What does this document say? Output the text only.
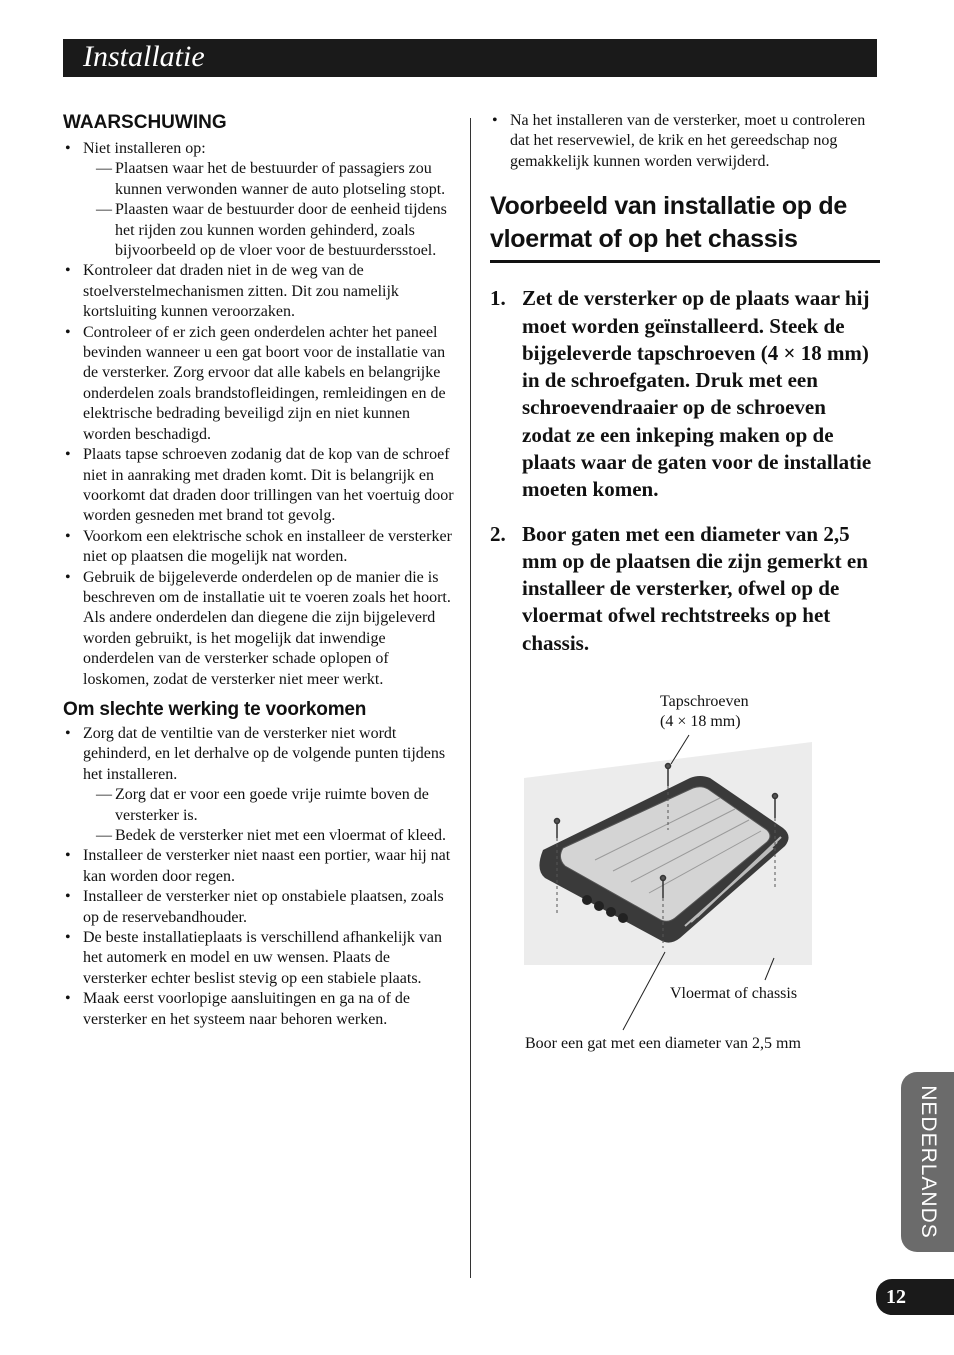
Installatie
WAARSCHUWING
• Niet installeren op:
— Plaatsen waar het de bestuurder of passagiers zou kunnen verwonden wanner de auto plotseling stopt.
— Plaasten waar de bestuurder door de eenheid tijdens het rijden zou kunnen worden gehinderd, zoals bijvoorbeeld op de vloer voor de bestuurdersstoel.
• Kontroleer dat draden niet in de weg van de stoelverstelmechanismen zitten. Dit zou namelijk kortsluiting kunnen veroorzaken.
• Controleer of er zich geen onderdelen achter het paneel bevinden wanneer u een gat boort voor de installatie van de versterker. Zorg ervoor dat alle kabels en belangrijke onderdelen zoals brandstofleidingen, remleidingen en de elektrische bedrading beveiligd zijn en niet kunnen worden beschadigd.
• Plaats tapse schroeven zodanig dat de kop van de schroef niet in aanraking met draden komt. Dit is belangrijk en voorkomt dat draden door trillingen van het voertuig door worden gesneden met brand tot gevolg.
• Voorkom een elektrische schok en installeer de versterker niet op plaatsen die mogelijk nat worden.
• Gebruik de bijgeleverde onderdelen op de manier die is beschreven om de installatie uit te voeren zoals het hoort. Als andere onderdelen dan diegene die zijn bijgeleverd worden gebruikt, is het mogelijk dat inwendige onderdelen van de versterker schade oplopen of loskomen, zodat de versterker niet meer werkt.
Om slechte werking te voorkomen
• Zorg dat de ventiltie van de versterker niet wordt gehinderd, en let derhalve op de volgende punten tijdens het installeren.
— Zorg dat er voor een goede vrije ruimte boven de versterker is.
— Bedek de versterker niet met een vloermat of kleed.
• Installeer de versterker niet naast een portier, waar hij nat kan worden door regen.
• Installeer de versterker niet op onstabiele plaatsen, zoals op de reservebandhouder.
• De beste installatieplaats is verschillend afhankelijk van het automerk en model en uw wensen. Plaats de versterker echter beslist stevig op een stabiele plaats.
• Maak eerst voorlopige aansluitingen en ga na of de versterker en het systeem naar behoren werken.
• Na het installeren van de versterker, moet u controleren dat het reservewiel, de krik en het gereedschap nog gemakkelijk kunnen worden verwijderd.
Voorbeeld van installatie op de vloermat of op het chassis
1. Zet de versterker op de plaats waar hij moet worden geïnstalleerd. Steek de bijgeleverde tapschroeven (4 × 18 mm) in de schroefgaten. Druk met een schroevendraaier op de schroeven zodat ze een inkeping maken op de plaats waar de gaten voor de installatie moeten komen.
2. Boor gaten met een diameter van 2,5 mm op de plaatsen die zijn gemerkt en installeer de versterker, ofwel op de vloermat ofwel rechtstreeks op het chassis.
Tapschroeven
(4 × 18 mm)
Vloermat of chassis
Boor een gat met een diameter van 2,5 mm
NEDERLANDS
12
